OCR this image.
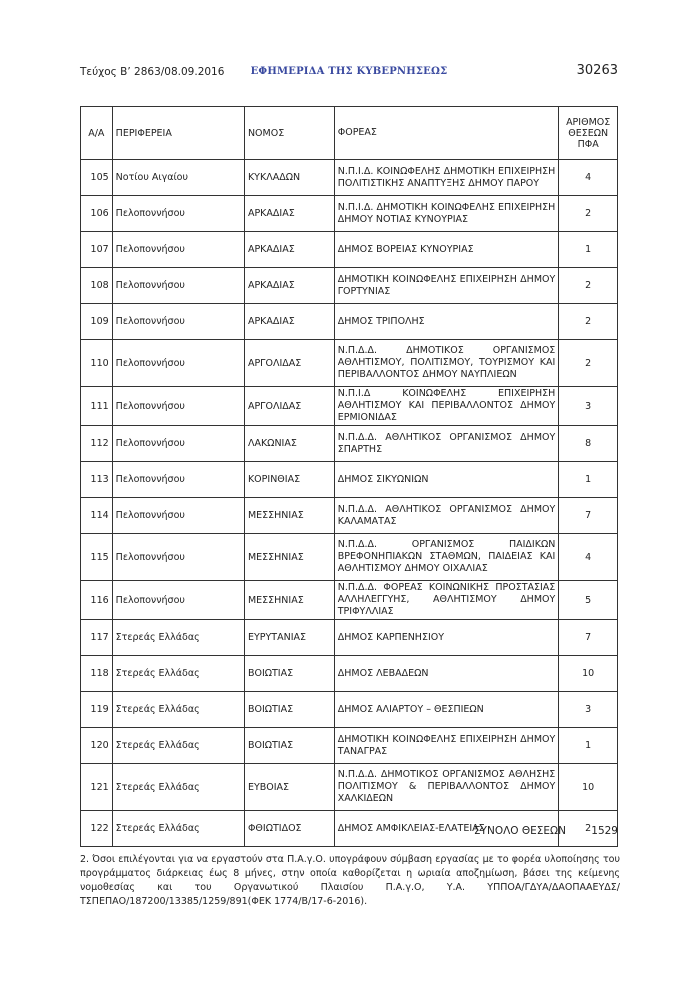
Τεύχος Β’ 2863/08.09.2016	ΕΦΗΜΕΡΙΔΑ ΤΗΣ ΚΥΒΕΡΝΗΣΕΩΣ	30263
Α/Α	ΠΕΡΙΦΕΡΕΙΑ	ΝΟΜΟΣ	ΦΟΡΕΑΣ	ΑΡΙΘΜΟΣ ΘΕΣΕΩΝ ΠΦΑ
105	Νοτίου Αιγαίου	ΚΥΚΛΑΔΩΝ	Ν.Π.Ι.Δ. ΚΟΙΝΩΦΕΛΗΣ ΔΗΜΟΤΙΚΗ ΕΠΙΧΕΙΡΗΣΗ ΠΟΛΙΤΙΣΤΙΚΗΣ ΑΝΑΠΤΥΞΗΣ ΔΗΜΟΥ ΠΑΡΟΥ	4
106	Πελοποννήσου	ΑΡΚΑΔΙΑΣ	Ν.Π.Ι.Δ. ΔΗΜΟΤΙΚΗ ΚΟΙΝΩΦΕΛΗΣ ΕΠΙΧΕΙΡΗΣΗ ΔΗΜΟΥ ΝΟΤΙΑΣ ΚΥΝΟΥΡΙΑΣ	2
107	Πελοποννήσου	ΑΡΚΑΔΙΑΣ	ΔΗΜΟΣ ΒΟΡΕΙΑΣ ΚΥΝΟΥΡΙΑΣ	1
108	Πελοποννήσου	ΑΡΚΑΔΙΑΣ	ΔΗΜΟΤΙΚΗ ΚΟΙΝΩΦΕΛΗΣ ΕΠΙΧΕΙΡΗΣΗ ΔΗΜΟΥ ΓΟΡΤΥΝΙΑΣ	2
109	Πελοποννήσου	ΑΡΚΑΔΙΑΣ	ΔΗΜΟΣ ΤΡΙΠΟΛΗΣ	2
110	Πελοποννήσου	ΑΡΓΟΛΙΔΑΣ	Ν.Π.Δ.Δ. ΔΗΜΟΤΙΚΟΣ ΟΡΓΑΝΙΣΜΟΣ ΑΘΛΗΤΙΣΜΟΥ, ΠΟΛΙΤΙΣΜΟΥ, ΤΟΥΡΙΣΜΟΥ ΚΑΙ ΠΕΡΙΒΑΛΛΟΝΤΟΣ ΔΗΜΟΥ ΝΑΥΠΛΙΕΩΝ	2
111	Πελοποννήσου	ΑΡΓΟΛΙΔΑΣ	Ν.Π.Ι.Δ ΚΟΙΝΩΦΕΛΗΣ ΕΠΙΧΕΙΡΗΣΗ ΑΘΛΗΤΙΣΜΟΥ ΚΑΙ ΠΕΡΙΒΑΛΛΟΝΤΟΣ ΔΗΜΟΥ ΕΡΜΙΟΝΙΔΑΣ	3
112	Πελοποννήσου	ΛΑΚΩΝΙΑΣ	Ν.Π.Δ.Δ. ΑΘΛΗΤΙΚΟΣ ΟΡΓΑΝΙΣΜΟΣ ΔΗΜΟΥ ΣΠΑΡΤΗΣ	8
113	Πελοποννήσου	ΚΟΡΙΝΘΙΑΣ	ΔΗΜΟΣ ΣΙΚΥΩΝΙΩΝ	1
114	Πελοποννήσου	ΜΕΣΣΗΝΙΑΣ	Ν.Π.Δ.Δ. ΑΘΛΗΤΙΚΟΣ ΟΡΓΑΝΙΣΜΟΣ ΔΗΜΟΥ ΚΑΛΑΜΑΤΑΣ	7
115	Πελοποννήσου	ΜΕΣΣΗΝΙΑΣ	Ν.Π.Δ.Δ. ΟΡΓΑΝΙΣΜΟΣ ΠΑΙΔΙΚΩΝ ΒΡΕΦΟΝΗΠΙΑΚΩΝ ΣΤΑΘΜΩΝ, ΠΑΙΔΕΙΑΣ ΚΑΙ ΑΘΛΗΤΙΣΜΟΥ ΔΗΜΟΥ ΟΙΧΑΛΙΑΣ	4
116	Πελοποννήσου	ΜΕΣΣΗΝΙΑΣ	Ν.Π.Δ.Δ. ΦΟΡΕΑΣ ΚΟΙΝΩΝΙΚΗΣ ΠΡΟΣΤΑΣΙΑΣ ΑΛΛΗΛΕΓΓΥΗΣ, ΑΘΛΗΤΙΣΜΟΥ ΔΗΜΟΥ ΤΡΙΦΥΛΛΙΑΣ	5
117	Στερεάς Ελλάδας	ΕΥΡΥΤΑΝΙΑΣ	ΔΗΜΟΣ ΚΑΡΠΕΝΗΣΙΟΥ	7
118	Στερεάς Ελλάδας	ΒΟΙΩΤΙΑΣ	ΔΗΜΟΣ ΛΕΒΑΔΕΩΝ	10
119	Στερεάς Ελλάδας	ΒΟΙΩΤΙΑΣ	ΔΗΜΟΣ ΑΛΙΑΡΤΟΥ – ΘΕΣΠΙΕΩΝ	3
120	Στερεάς Ελλάδας	ΒΟΙΩΤΙΑΣ	ΔΗΜΟΤΙΚΗ ΚΟΙΝΩΦΕΛΗΣ ΕΠΙΧΕΙΡΗΣΗ ΔΗΜΟΥ ΤΑΝΑΓΡΑΣ	1
121	Στερεάς Ελλάδας	ΕΥΒΟΙΑΣ	Ν.Π.Δ.Δ. ΔΗΜΟΤΙΚΟΣ ΟΡΓΑΝΙΣΜΟΣ ΑΘΛΗΣΗΣ ΠΟΛΙΤΙΣΜΟΥ & ΠΕΡΙΒΑΛΛΟΝΤΟΣ ΔΗΜΟΥ ΧΑΛΚΙΔΕΩΝ	10
122	Στερεάς Ελλάδας	ΦΘΙΩΤΙΔΟΣ	ΔΗΜΟΣ ΑΜΦΙΚΛΕΙΑΣ-ΕΛΑΤΕΙΑΣ	2
ΣΥΝΟΛΟ ΘΕΣΕΩΝ 1529
2. Όσοι επιλέγονται για να εργαστούν στα Π.Α.γ.Ο. υπογράφουν σύμβαση εργασίας με το φορέα υλοποίησης του προγράμματος διάρκειας έως 8 μήνες, στην οποία καθορίζεται η ωριαία αποζημίωση, βάσει της κείμενης νομοθεσίας και του Οργανωτικού Πλαισίου Π.Α.γ.Ο, Υ.Α. ΥΠΠΟΑ/ΓΔΥΑ/ΔΑΟΠΑΑΕΥΔΣ/ΤΣΠΕΠΑΟ/187200/13385/1259/891(ΦΕΚ 1774/Β/17-6-2016).
